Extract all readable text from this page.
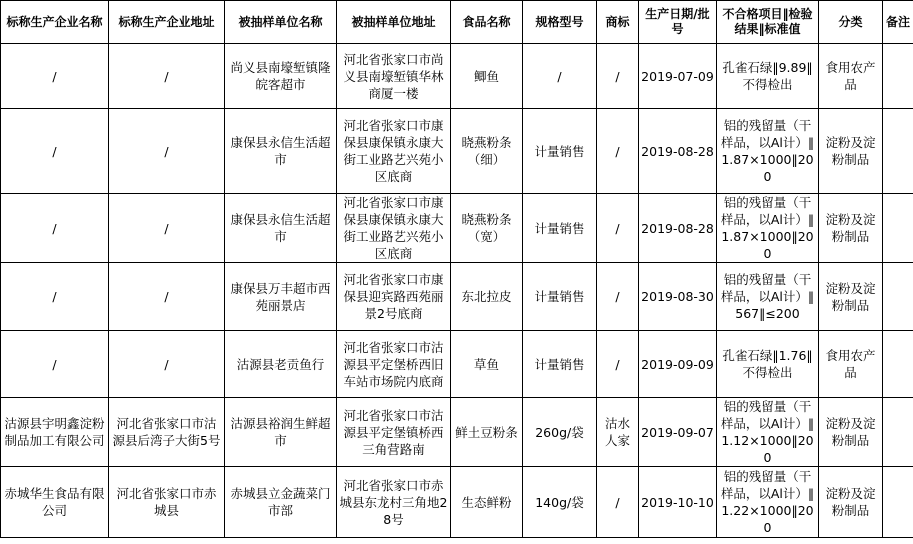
标称生产企业名称	标称生产企业地址	被抽样单位名称	被抽样单位地址	食品名称	规格型号	商标	生产日期/批号	不合格项目‖检验结果‖标准值	分类	备注
/	/	尚义县南壕堑镇隆皖客超市	河北省张家口市尚义县南壕堑镇华林商厦一楼	鲫鱼	/	/	2019-07-09	孔雀石绿‖9.89‖不得检出	食用农产品	
/	/	康保县永信生活超市	河北省张家口市康保县康保镇永康大街工业路艺兴苑小区底商	晓燕粉条（细）	计量销售	/	2019-08-28	铝的残留量（干样品，以Al计）‖1.87×1000‖200	淀粉及淀粉制品	
/	/	康保县永信生活超市	河北省张家口市康保县康保镇永康大街工业路艺兴苑小区底商	晓燕粉条（宽）	计量销售	/	2019-08-28	铝的残留量（干样品，以Al计）‖1.87×1000‖200	淀粉及淀粉制品	
/	/	康保县万丰超市西苑丽景店	河北省张家口市康保县迎宾路西苑丽景2号底商	东北拉皮	计量销售	/	2019-08-30	铝的残留量（干样品，以Al计）‖567‖≤200	淀粉及淀粉制品	
/	/	沽源县老贡鱼行	河北省张家口市沽源县平定堡桥西旧车站市场院内底商	草鱼	计量销售	/	2019-09-09	孔雀石绿‖1.76‖不得检出	食用农产品	
沽源县宇明鑫淀粉制品加工有限公司	河北省张家口市沽源县后湾子大街5号	沽源县裕润生鲜超市	河北省张家口市沽源县平定堡镇桥西三角营路南	鲜土豆粉条	260g/袋	沽水人家	2019-09-07	铝的残留量（干样品，以Al计）‖1.12×1000‖200	淀粉及淀粉制品	
赤城华生食品有限公司	河北省张家口市赤城县	赤城县立金蔬菜门市部	河北省张家口市赤城县东龙村三角地28号	生态鲜粉	140g/袋	/	2019-10-10	铝的残留量（干样品，以Al计）‖1.22×1000‖200	淀粉及淀粉制品	
